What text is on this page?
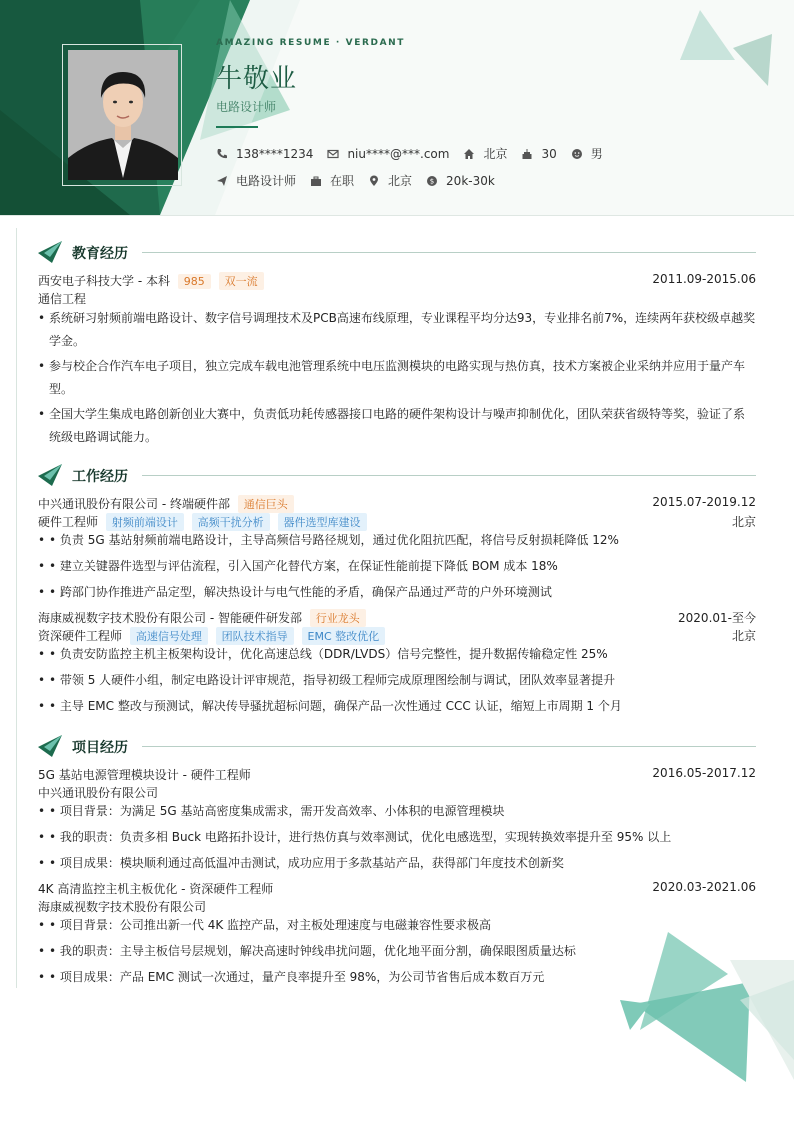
AMAZING RESUME · VERDANT
牛敬业
电路设计师
138****1234	niu****@***.com	北京	30	男
电路设计师	在职	北京	$ 20k-30k
教育经历
西安电子科技大学 - 本科 985 双一流	2011.09-2015.06
通信工程
• 系统研习射频前端电路设计、数字信号调理技术及PCB高速布线原理，专业课程平均分达93，专业排名前7%，连续两年获校级卓越奖
学金。
• 参与校企合作汽车电子项目，独立完成车载电池管理系统中电压监测模块的电路实现与热仿真，技术方案被企业采纳并应用于量产车
型。
• 全国大学生集成电路创新创业大赛中，负责低功耗传感器接口电路的硬件架构设计与噪声抑制优化，团队荣获省级特等奖，验证了系
统级电路调试能力。
工作经历
中兴通讯股份有限公司 - 终端硬件部 通信巨头	2015.07-2019.12
硬件工程师 射频前端设计 高频干扰分析 器件选型库建设	北京
• • 负责 5G 基站射频前端电路设计，主导高频信号路径规划，通过优化阻抗匹配，将信号反射损耗降低 12%
• • 建立关键器件选型与评估流程，引入国产化替代方案，在保证性能前提下降低 BOM 成本 18%
• • 跨部门协作推进产品定型，解决热设计与电气性能的矛盾，确保产品通过严苛的户外环境测试
海康威视数字技术股份有限公司 - 智能硬件研发部 行业龙头	2020.01-至今
资深硬件工程师 高速信号处理 团队技术指导 EMC 整改优化	北京
• • 负责安防监控主机主板架构设计，优化高速总线（DDR/LVDS）信号完整性，提升数据传输稳定性 25%
• • 带领 5 人硬件小组，制定电路设计评审规范，指导初级工程师完成原理图绘制与调试，团队效率显著提升
• • 主导 EMC 整改与预测试，解决传导骚扰超标问题，确保产品一次性通过 CCC 认证，缩短上市周期 1 个月
项目经历
5G 基站电源管理模块设计 - 硬件工程师	2016.05-2017.12
中兴通讯股份有限公司
• • 项目背景：为满足 5G 基站高密度集成需求，需开发高效率、小体积的电源管理模块
• • 我的职责：负责多相 Buck 电路拓扑设计，进行热仿真与效率测试，优化电感选型，实现转换效率提升至 95% 以上
• • 项目成果：模块顺利通过高低温冲击测试，成功应用于多款基站产品，获得部门年度技术创新奖
4K 高清监控主机主板优化 - 资深硬件工程师	2020.03-2021.06
海康威视数字技术股份有限公司
• • 项目背景：公司推出新一代 4K 监控产品，对主板处理速度与电磁兼容性要求极高
• • 我的职责：主导主板信号层规划，解决高速时钟线串扰问题，优化地平面分割，确保眼图质量达标
• • 项目成果：产品 EMC 测试一次通过，量产良率提升至 98%，为公司节省售后成本数百万元
